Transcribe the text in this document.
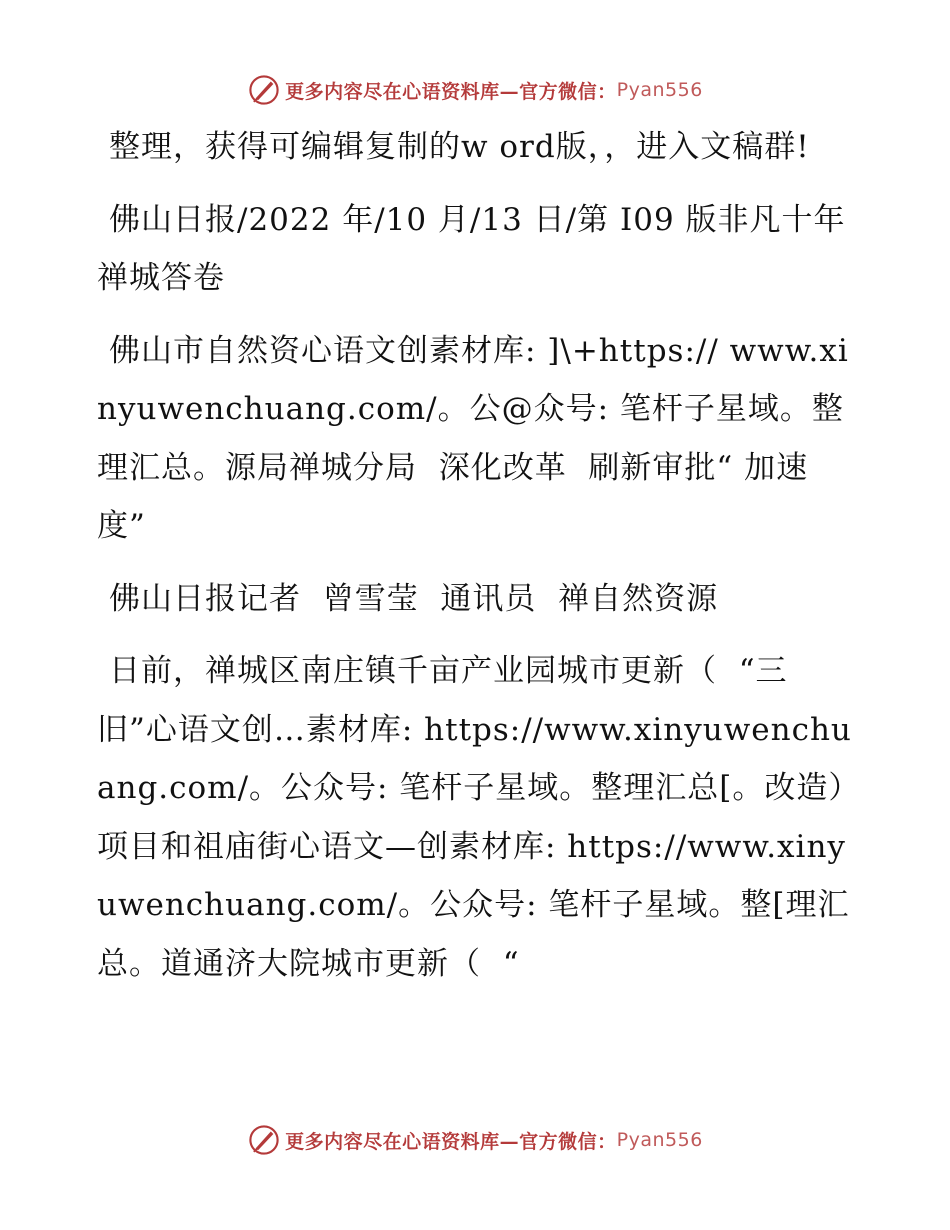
更多内容尽在心语资料库—官方微信： Pyan556

整理，获得可编辑复制的w ord版，，进入文稿群!

佛山日报/2022 年/10 月/13 日/第 I09 版非凡十年 禅城答卷

佛山市自然资心语文创素材库: ]\+https:// www.xinyuwenchuang.com/。公@众号: 笔杆子星域。整理汇总。源局禅城分局  深化改革  刷新审批“ 加速度”

佛山日报记者  曾雪莹  通讯员  禅自然资源

日前，禅城区南庄镇千亩产业园城市更新（  “三旧”心语文创…素材库: https://www.xinyuwenchuang.com/。公众号: 笔杆子星域。整理汇总[。改造）项目和祖庙街心语文—创素材库: https://www.xinyuwenchuang.com/。公众号: 笔杆子星域。整[理汇总。道通济大院城市更新（  “

更多内容尽在心语资料库—官方微信： Pyan556
